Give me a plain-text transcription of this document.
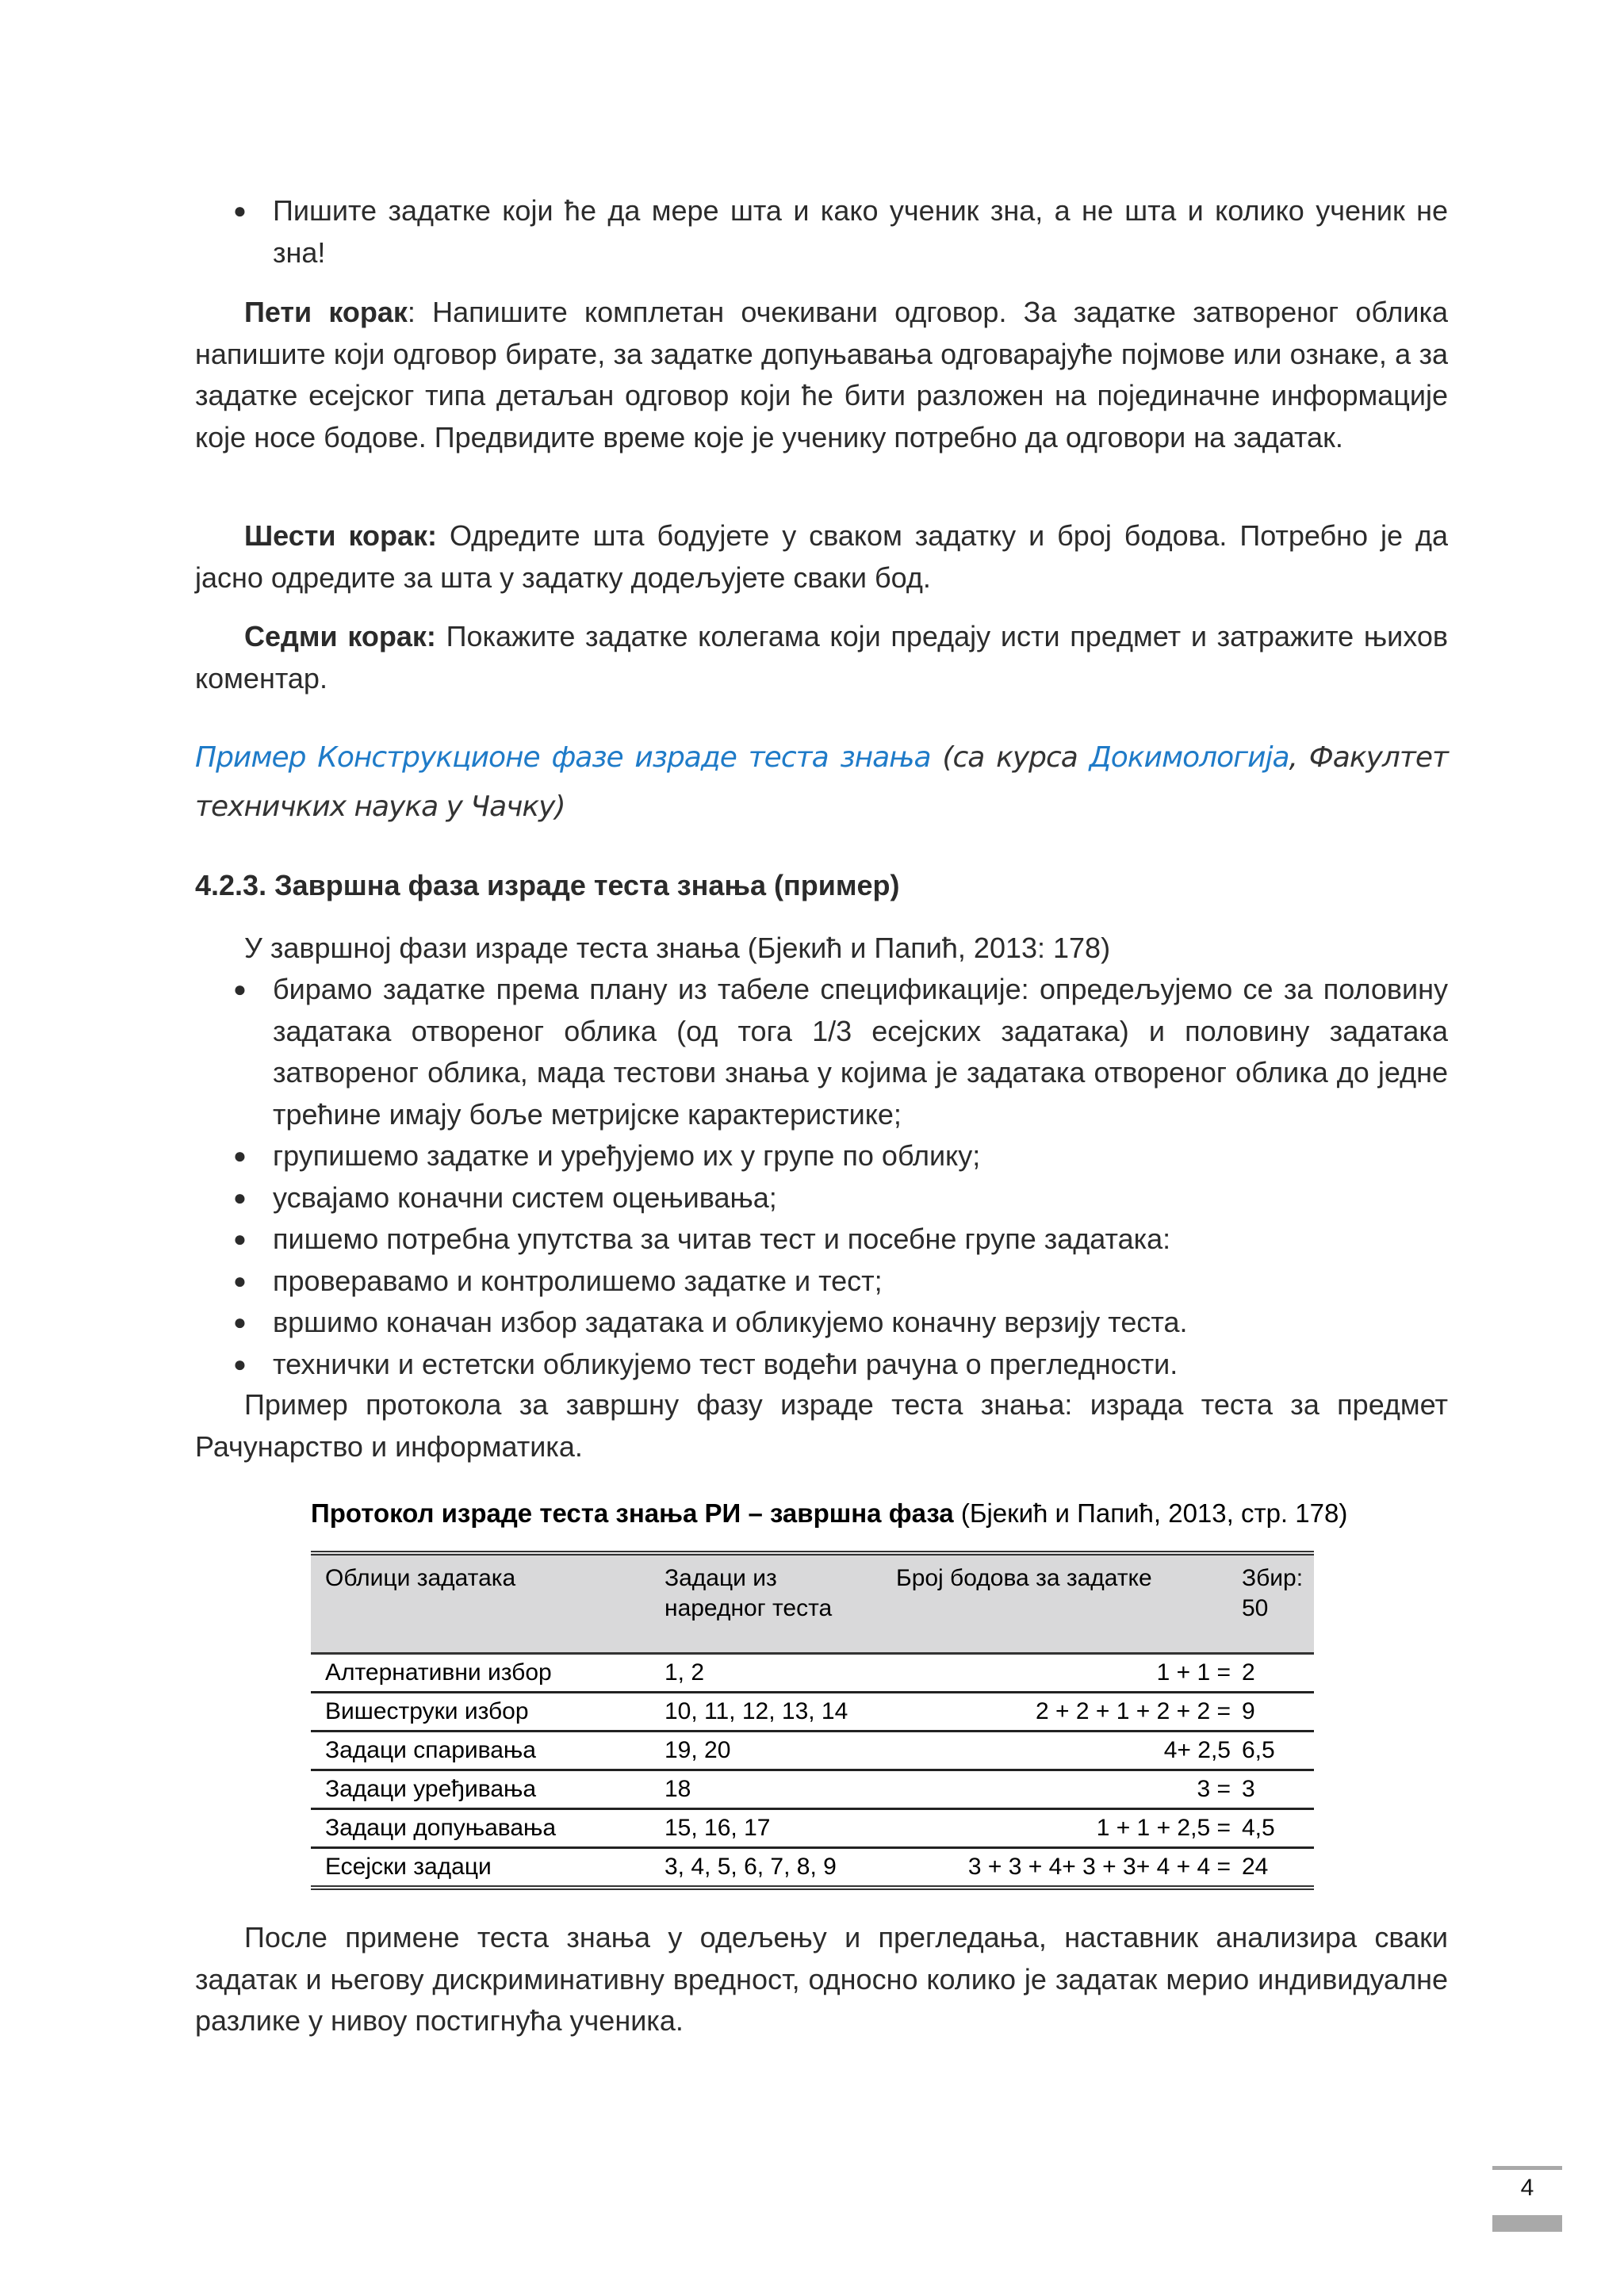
● Пишите задатке који ће да мере шта и како ученик зна, а не шта и колико ученик не зна!

Пети корак: Напишите комплетан очекивани одговор. За задатке затвореног облика напишите који одговор бирате, за задатке допуњавања одговарајуће појмове или ознаке, а за задатке есејског типа детаљан одговор који ће бити разложен на појединачне информације које носе бодове. Предвидите време које је ученику потребно да одговори на задатак.

Шести корак: Одредите шта бодујете у сваком задатку и број бодова. Потребно је да јасно одредите за шта у задатку додељујете сваки бод.

Седми корак: Покажите задатке колегама који предају исти предмет и затражите њихов коментар.

Пример Конструкционе фазе израде теста знања (са курса Докимологија, Факултет техничких наука у Чачку)
4.2.3. Завршна фаза израде теста знања (пример)

У завршној фази израде теста знања (Бјекић и Папић, 2013: 178)

● бирамо задатке према плану из табеле спецификације: опредељујемо се за половину задатака отвореног облика (од тога 1/3 есејских задатака) и половину задатака затвореног облика, мада тестови знања у којима је задатака отвореног облика до једне трећине имају боље метријске карактеристике;
● групишемо задатке и уређујемо их у групе по облику;
● усвајамо коначни систем оцењивања;
● пишемо потребна упутства за читав тест и посебне групе задатака:
● проверавамо и контролишемо задатке и тест;
● вршимо коначан избор задатака и обликујемо коначну верзију теста.
● технички и естетски обликујемо тест водећи рачуна о прегледности.

Пример протокола за завршну фазу израде теста знања: израда теста за предмет Рачунарство и информатика.

Протокол израде теста знања РИ – завршна фаза (Бјекић и Папић, 2013, стр. 178)
Облици задатака	Задаци из наредног теста	Број бодова за задатке	Збир: 50
Алтернативни избор	1, 2	1 + 1 =	2
Вишеструки избор	10, 11, 12, 13, 14	2 + 2 + 1 + 2 + 2 =	9
Задаци спаривања	19, 20	4+ 2,5	6,5
Задаци уређивања	18	3 =	3
Задаци допуњавања	15, 16, 17	1 + 1 + 2,5 =	4,5
Есејски задаци	3, 4, 5, 6, 7, 8, 9	3 + 3 + 4+ 3 + 3+ 4 + 4 =	24

После примене теста знања у одељењу и прегледања, наставник анализира сваки задатак и његову дискриминативну вредност, односно колико је задатак мерио индивидуалне разлике у нивоу постигнућа ученика.

4
